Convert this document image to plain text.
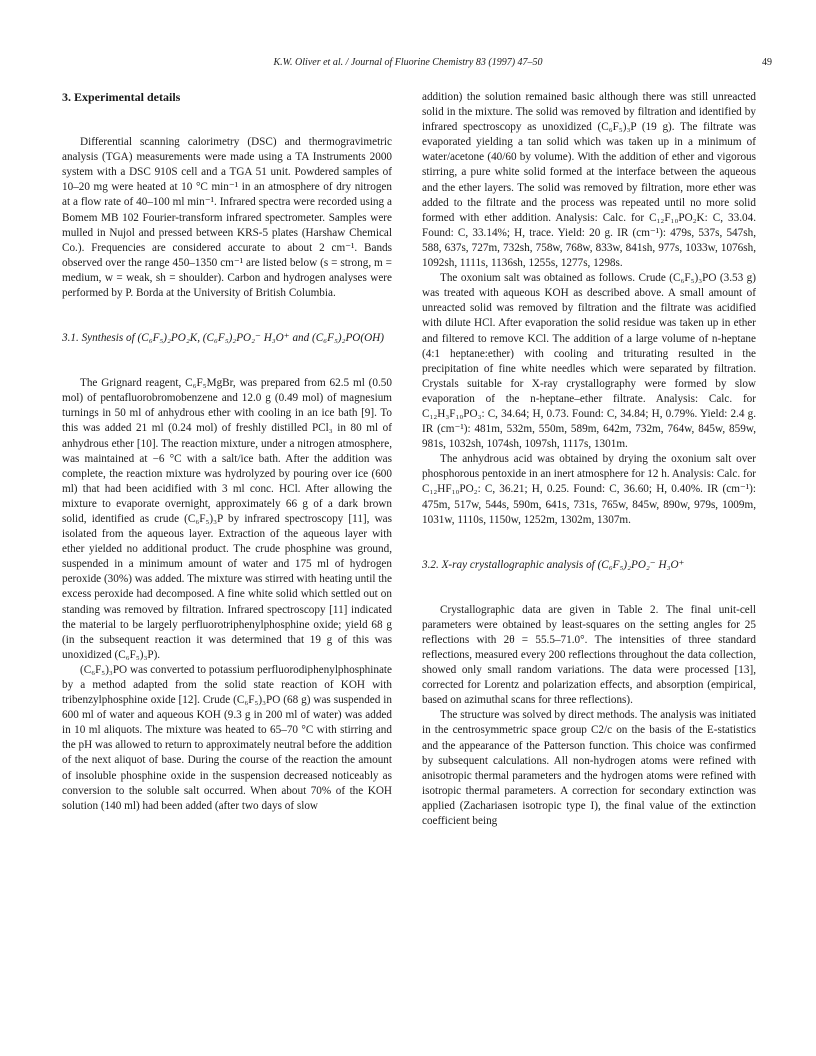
K.W. Oliver et al. / Journal of Fluorine Chemistry 83 (1997) 47–50	49
3. Experimental details

Differential scanning calorimetry (DSC) and thermogravimetric analysis (TGA) measurements were made using a TA Instruments 2000 system with a DSC 910S cell and a TGA 51 unit. Powdered samples of 10–20 mg were heated at 10 °C min⁻¹ in an atmosphere of dry nitrogen at a flow rate of 40–100 ml min⁻¹. Infrared spectra were recorded using a Bomem MB 102 Fourier-transform infrared spectrometer. Samples were mulled in Nujol and pressed between KRS-5 plates (Harshaw Chemical Co.). Frequencies are considered accurate to about 2 cm⁻¹. Bands observed over the range 450–1350 cm⁻¹ are listed below (s = strong, m = medium, w = weak, sh = shoulder). Carbon and hydrogen analyses were performed by P. Borda at the University of British Columbia.

3.1. Synthesis of (C₆F₅)₂PO₂K, (C₆F₅)₂PO₂⁻ H₃O⁺ and (C₆F₅)₂PO(OH)

The Grignard reagent, C₆F₅MgBr, was prepared from 62.5 ml (0.50 mol) of pentafluorobromobenzene and 12.0 g (0.49 mol) of magnesium turnings in 50 ml of anhydrous ether with cooling in an ice bath [9]. To this was added 21 ml (0.24 mol) of freshly distilled PCl₃ in 80 ml of anhydrous ether [10]. The reaction mixture, under a nitrogen atmosphere, was maintained at −6 °C with a salt/ice bath. After the addition was complete, the reaction mixture was hydrolyzed by pouring over ice (600 ml) that had been acidified with 3 ml conc. HCl. After allowing the mixture to evaporate overnight, approximately 66 g of a dark brown solid, identified as crude (C₆F₅)₃P by infrared spectroscopy [11], was isolated from the aqueous layer. Extraction of the aqueous layer with ether yielded no additional product. The crude phosphine was ground, suspended in a minimum amount of water and 175 ml of hydrogen peroxide (30%) was added. The mixture was stirred with heating until the excess peroxide had decomposed. A fine white solid which settled out on standing was removed by filtration. Infrared spectroscopy [11] indicated the material to be largely perfluorotriphenylphosphine oxide; yield 68 g (in the subsequent reaction it was determined that 19 g of this was unoxidized (C₆F₅)₃P).

(C₆F₅)₃PO was converted to potassium perfluorodiphenylphosphinate by a method adapted from the solid state reaction of KOH with tribenzylphosphine oxide [12]. Crude (C₆F₅)₃PO (68 g) was suspended in 600 ml of water and aqueous KOH (9.3 g in 200 ml of water) was added in 10 ml aliquots. The mixture was heated to 65–70 °C with stirring and the pH was allowed to return to approximately neutral before the addition of the next aliquot of base. During the course of the reaction the amount of insoluble phosphine oxide in the suspension decreased noticeably as conversion to the soluble salt occurred. When about 70% of the KOH solution (140 ml) had been added (after two days of slow

addition) the solution remained basic although there was still unreacted solid in the mixture. The solid was removed by filtration and identified by infrared spectroscopy as unoxidized (C₆F₅)₃P (19 g). The filtrate was evaporated yielding a tan solid which was taken up in a minimum of water/acetone (40/60 by volume). With the addition of ether and vigorous stirring, a pure white solid formed at the interface between the aqueous and the ether layers. The solid was removed by filtration, more ether was added to the filtrate and the process was repeated until no more solid formed with ether addition. Analysis: Calc. for C₁₂F₁₀PO₂K: C, 33.04. Found: C, 33.14%; H, trace. Yield: 20 g. IR (cm⁻¹): 479s, 537s, 547sh, 588, 637s, 727m, 732sh, 758w, 768w, 833w, 841sh, 977s, 1033w, 1076sh, 1092sh, 1111s, 1136sh, 1255s, 1277s, 1298s.

The oxonium salt was obtained as follows. Crude (C₆F₅)₃PO (3.53 g) was treated with aqueous KOH as described above. A small amount of unreacted solid was removed by filtration and the filtrate was acidified with dilute HCl. After evaporation the solid residue was taken up in ether and filtered to remove KCl. The addition of a large volume of n-heptane (4:1 heptane:ether) with cooling and triturating resulted in the precipitation of fine white needles which were separated by filtration. Crystals suitable for X-ray crystallography were formed by slow evaporation of the n-heptane–ether filtrate. Analysis: Calc. for C₁₂H₃F₁₀PO₃: C, 34.64; H, 0.73. Found: C, 34.84; H, 0.79%. Yield: 2.4 g. IR (cm⁻¹): 481m, 532m, 550m, 589m, 642m, 732m, 764w, 845w, 859w, 981s, 1032sh, 1074sh, 1097sh, 1117s, 1301m.

The anhydrous acid was obtained by drying the oxonium salt over phosphorous pentoxide in an inert atmosphere for 12 h. Analysis: Calc. for C₁₂HF₁₀PO₂: C, 36.21; H, 0.25. Found: C, 36.60; H, 0.40%. IR (cm⁻¹): 475m, 517w, 544s, 590m, 641s, 731s, 765w, 845w, 890w, 979s, 1009m, 1031w, 1110s, 1150w, 1252m, 1302m, 1307m.

3.2. X-ray crystallographic analysis of (C₆F₅)₂PO₂⁻ H₃O⁺

Crystallographic data are given in Table 2. The final unit-cell parameters were obtained by least-squares on the setting angles for 25 reflections with 2θ = 55.5–71.0°. The intensities of three standard reflections, measured every 200 reflections throughout the data collection, showed only small random variations. The data were processed [13], corrected for Lorentz and polarization effects, and absorption (empirical, based on azimuthal scans for three reflections).

The structure was solved by direct methods. The analysis was initiated in the centrosymmetric space group C2/c on the basis of the E-statistics and the appearance of the Patterson function. This choice was confirmed by subsequent calculations. All non-hydrogen atoms were refined with anisotropic thermal parameters and the hydrogen atoms were refined with isotropic thermal parameters. A correction for secondary extinction was applied (Zachariasen isotropic type I), the final value of the extinction coefficient being
